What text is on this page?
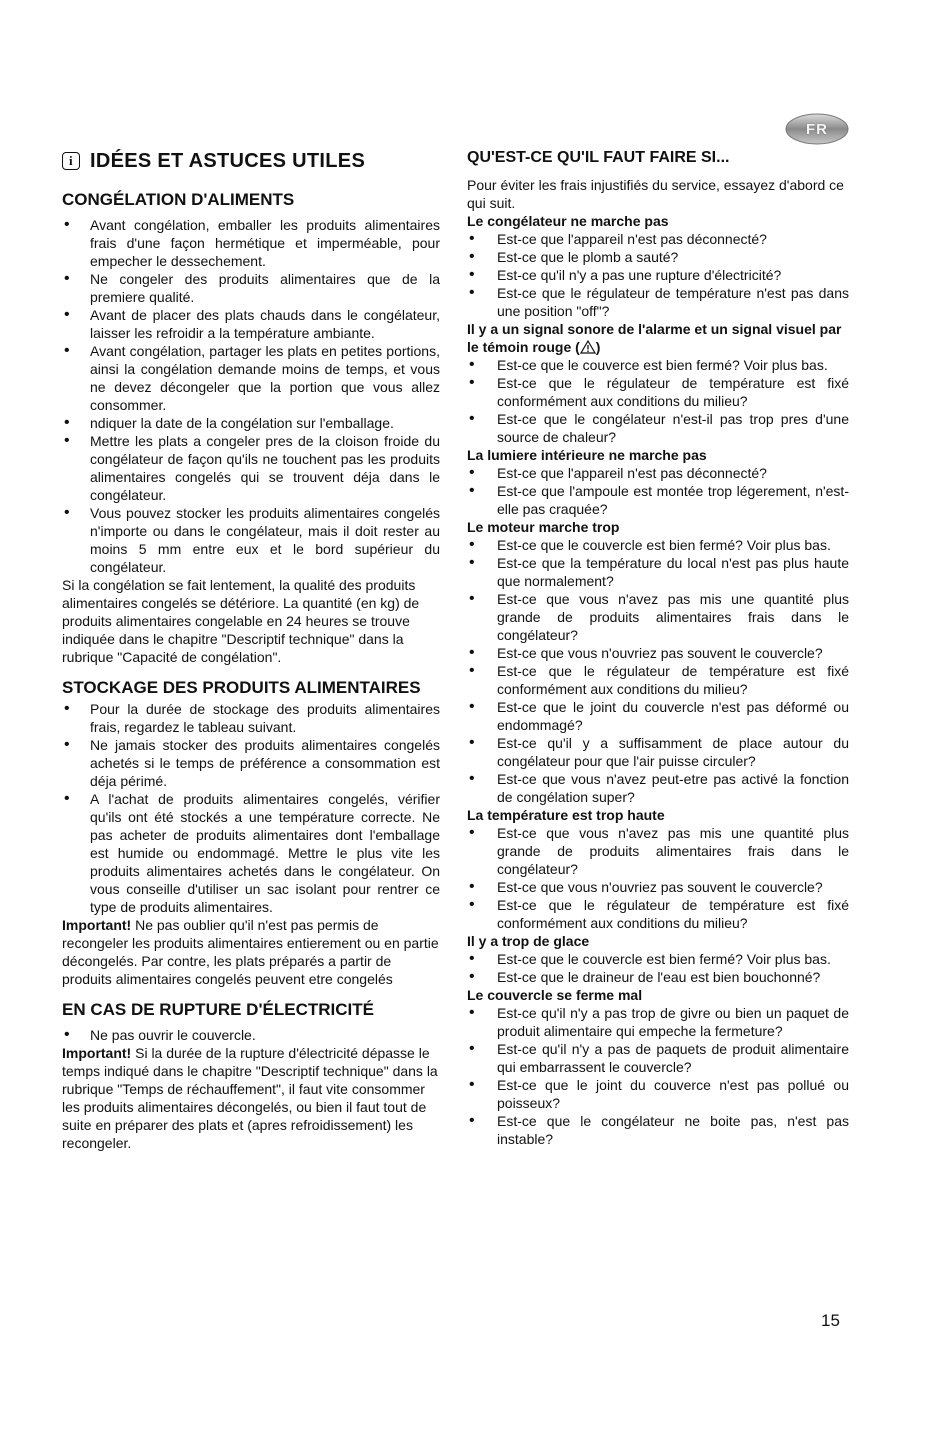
FR
i IDÉES ET ASTUCES UTILES
CONGÉLATION D'ALIMENTS
• Avant congélation, emballer les produits alimentaires frais d'une façon hermétique et imperméable, pour empecher le dessechement.
• Ne congeler des produits alimentaires que de la premiere qualité.
• Avant de placer des plats chauds dans le congélateur, laisser les refroidir a la température ambiante.
• Avant congélation, partager les plats en petites portions, ainsi la congélation demande moins de temps, et vous ne devez décongeler que la portion que vous allez consommer.
• ndiquer la date de la congélation sur l'emballage.
• Mettre les plats a congeler pres de la cloison froide du congélateur de façon qu'ils ne touchent pas les produits alimentaires congelés qui se trouvent déja dans le congélateur.
• Vous pouvez stocker les produits alimentaires congelés n'importe ou dans le congélateur, mais il doit rester au moins 5 mm entre eux et le bord supérieur du congélateur.

Si la congélation se fait lentement, la qualité des produits alimentaires congelés se détériore. La quantité (en kg) de produits alimentaires congelable en 24 heures se trouve indiquée dans le chapitre "Descriptif technique" dans la rubrique "Capacité de congélation".

STOCKAGE DES PRODUITS ALIMENTAIRES
• Pour la durée de stockage des produits alimentaires frais, regardez le tableau suivant.
• Ne jamais stocker des produits alimentaires congelés achetés si le temps de préférence a consommation est déja périmé.
• A l'achat de produits alimentaires congelés, vérifier qu'ils ont été stockés a une température correcte. Ne pas acheter de produits alimentaires dont l'emballage est humide ou endommagé. Mettre le plus vite les produits alimentaires achetés dans le congélateur. On vous conseille d'utiliser un sac isolant pour rentrer ce type de produits alimentaires.

Important! Ne pas oublier qu'il n'est pas permis de recongeler les produits alimentaires entierement ou en partie décongelés. Par contre, les plats préparés a partir de produits alimentaires congelés peuvent etre congelés

EN CAS DE RUPTURE D'ÉLECTRICITÉ
• Ne pas ouvrir le couvercle.

Important! Si la durée de la rupture d'électricité dépasse le temps indiqué dans le chapitre "Descriptif technique" dans la rubrique "Temps de réchauffement", il faut vite consommer les produits alimentaires décongelés, ou bien il faut tout de suite en préparer des plats et (apres refroidissement) les recongeler.

QU'EST-CE QU'IL FAUT FAIRE SI...

Pour éviter les frais injustifiés du service, essayez d'abord ce qui suit.

Le congélateur ne marche pas

• Est-ce que l'appareil n'est pas déconnecté?
• Est-ce que le plomb a sauté?
• Est-ce qu'il n'y a pas une rupture d'électricité?
• Est-ce que le régulateur de température n'est pas dans une position "off"?

Il y a un signal sonore de l'alarme et un signal visuel par le témoin rouge ( )

• Est-ce que le couverce est bien fermé? Voir plus bas.
• Est-ce que le régulateur de température est fixé conformément aux conditions du milieu?
• Est-ce que le congélateur n'est-il pas trop pres d'une source de chaleur?

La lumiere intérieure ne marche pas

• Est-ce que l'appareil n'est pas déconnecté?
• Est-ce que l'ampoule est montée trop légerement, n'est-elle pas craquée?

Le moteur marche trop

• Est-ce que le couvercle est bien fermé? Voir plus bas.
• Est-ce que la température du local n'est pas plus haute que normalement?
• Est-ce que vous n'avez pas mis une quantité plus grande de produits alimentaires frais dans le congélateur?
• Est-ce que vous n'ouvriez pas souvent le couvercle?
• Est-ce que le régulateur de température est fixé conformément aux conditions du milieu?
• Est-ce que le joint du couvercle n'est pas déformé ou endommagé?
• Est-ce qu'il y a suffisamment de place autour du congélateur pour que l'air puisse circuler?
• Est-ce que vous n'avez peut-etre pas activé la fonction de congélation super?

La température est trop haute

• Est-ce que vous n'avez pas mis une quantité plus grande de produits alimentaires frais dans le congélateur?
• Est-ce que vous n'ouvriez pas souvent le couvercle?
• Est-ce que le régulateur de température est fixé conformément aux conditions du milieu?

Il y a trop de glace

• Est-ce que le couvercle est bien fermé? Voir plus bas.
• Est-ce que le draineur de l'eau est bien bouchonné?

Le couvercle se ferme mal

• Est-ce qu'il n'y a pas trop de givre ou bien un paquet de produit alimentaire qui empeche la fermeture?
• Est-ce qu'il n'y a pas de paquets de produit alimentaire qui embarrassent le couvercle?
• Est-ce que le joint du couverce n'est pas pollué ou poisseux?
• Est-ce que le congélateur ne boite pas, n'est pas instable?
15
